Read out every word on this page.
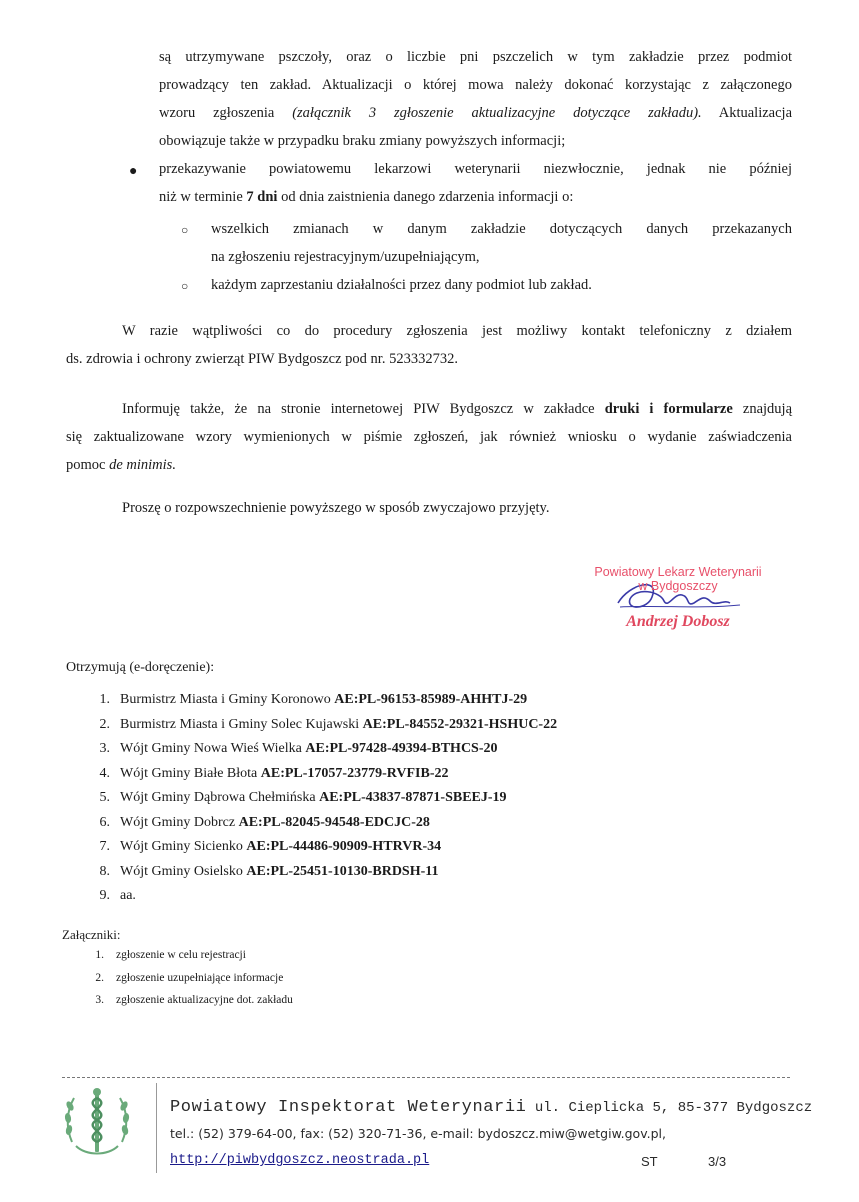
są utrzymywane pszczoły, oraz o liczbie pni pszczelich w tym zakładzie przez podmiot
prowadzący ten zakład. Aktualizacji o której mowa należy dokonać korzystając z załączonego
wzoru zgłoszenia (załącznik 3 zgłoszenie aktualizacyjne dotyczące zakładu). Aktualizacja
obowiązuje także w przypadku braku zmiany powyższych informacji;
● przekazywanie powiatowemu lekarzowi weterynarii niezwłocznie, jednak nie później
niż w terminie 7 dni od dnia zaistnienia danego zdarzenia informacji o:
○ wszelkich zmianach w danym zakładzie dotyczących danych przekazanych
na zgłoszeniu rejestracyjnym/uzupełniającym,
○ każdym zaprzestaniu działalności przez dany podmiot lub zakład.
W razie wątpliwości co do procedury zgłoszenia jest możliwy kontakt telefoniczny z działem
ds. zdrowia i ochrony zwierząt PIW Bydgoszcz pod nr. 523332732.
Informuję także, że na stronie internetowej PIW Bydgoszcz w zakładce druki i formularze znajdują
się zaktualizowane wzory wymienionych w piśmie zgłoszeń, jak również wniosku o wydanie zaświadczenia
pomoc de minimis.
Proszę o rozpowszechnienie powyższego w sposób zwyczajowo przyjęty.
Powiatowy Lekarz Weterynarii
w Bydgoszczy
Andrzej Dobosz
Otrzymują (e-doręczenie):
1. Burmistrz Miasta i Gminy Koronowo AE:PL-96153-85989-AHHTJ-29
2. Burmistrz Miasta i Gminy Solec Kujawski AE:PL-84552-29321-HSHUC-22
3. Wójt Gminy Nowa Wieś Wielka AE:PL-97428-49394-BTHCS-20
4. Wójt Gminy Białe Błota AE:PL-17057-23779-RVFIB-22
5. Wójt Gminy Dąbrowa Chełmińska AE:PL-43837-87871-SBEEJ-19
6. Wójt Gminy Dobrcz AE:PL-82045-94548-EDCJC-28
7. Wójt Gminy Sicienko AE:PL-44486-90909-HTRVR-34
8. Wójt Gminy Osielsko AE:PL-25451-10130-BRDSH-11
9. aa.
Załączniki:
1. zgłoszenie w celu rejestracji
2. zgłoszenie uzupełniające informacje
3. zgłoszenie aktualizacyjne dot. zakładu
Powiatowy Inspektorat Weterynarii ul. Cieplicka 5, 85-377 Bydgoszcz
tel.: (52) 379-64-00, fax: (52) 320-71-36, e-mail: bydoszcz.miw@wetgiw.gov.pl,
http://piwbydgoszcz.neostrada.pl	ST	3/3
